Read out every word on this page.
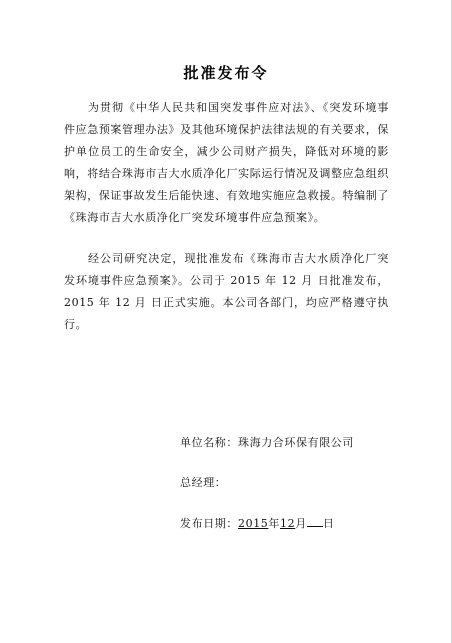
批准发布令

为贯彻《中华人民共和国突发事件应对法》、《突发环境事件应急预案管理办法》及其他环境保护法律法规的有关要求，保护单位员工的生命安全，减少公司财产损失，降低对环境的影响，将结合珠海市吉大水质净化厂实际运行情况及调整应急组织架构，保证事故发生后能快速、有效地实施应急救援。特编制了《珠海市吉大水质净化厂突发环境事件应急预案》。

经公司研究决定，现批准发布《珠海市吉大水质净化厂突发环境事件应急预案》。公司于 2015 年 12 月 日批准发布，2015 年 12 月 日正式实施。本公司各部门，均应严格遵守执行。

单位名称：珠海力合环保有限公司
总经理：
发布日期：2015年12月 日
